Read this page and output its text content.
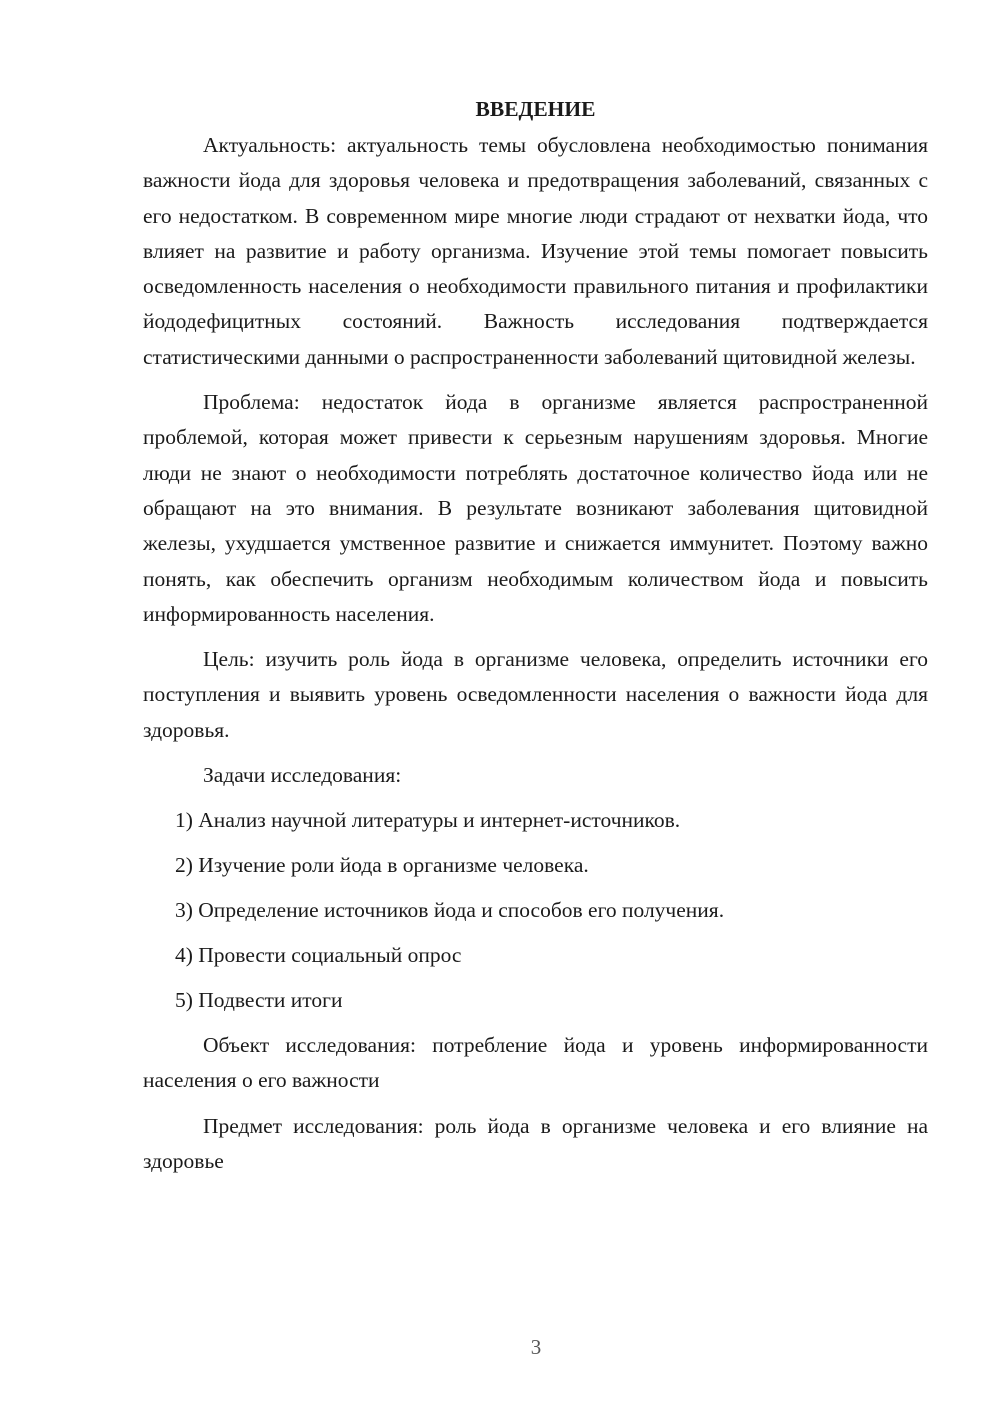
ВВЕДЕНИЕ

Актуальность: актуальность темы обусловлена необходимостью понимания важности йода для здоровья человека и предотвращения заболеваний, связанных с его недостатком. В современном мире многие люди страдают от нехватки йода, что влияет на развитие и работу организма. Изучение этой темы помогает повысить осведомленность населения о необходимости правильного питания и профилактики йододефицитных состояний. Важность исследования подтверждается статистическими данными о распространенности заболеваний щитовидной железы.

Проблема: недостаток йода в организме является распространенной проблемой, которая может привести к серьезным нарушениям здоровья. Многие люди не знают о необходимости потреблять достаточное количество йода или не обращают на это внимания. В результате возникают заболевания щитовидной железы, ухудшается умственное развитие и снижается иммунитет. Поэтому важно понять, как обеспечить организм необходимым количеством йода и повысить информированность населения.

Цель: изучить роль йода в организме человека, определить источники его поступления и выявить уровень осведомленности населения о важности йода для здоровья.

Задачи исследования:

1) Анализ научной литературы и интернет-источников.
2) Изучение роли йода в организме человека.
3) Определение источников йода и способов его получения.
4) Провести социальный опрос
5) Подвести итоги

Объект исследования: потребление йода и уровень информированности населения о его важности

Предмет исследования: роль йода в организме человека и его влияние на здоровье

3
